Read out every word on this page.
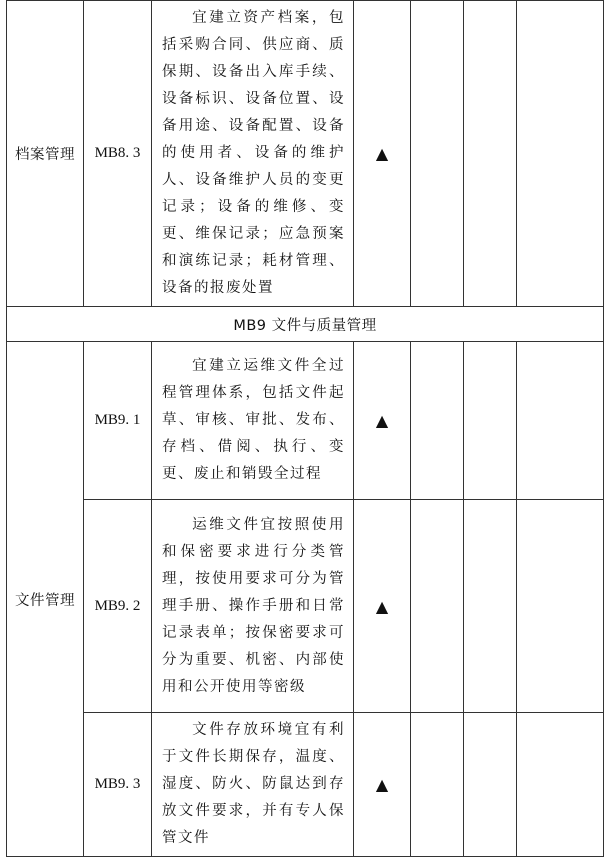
档案管理	MB8. 3	宜建立资产档案，包括采购合同、供应商、质保期、设备出入库手续、设备标识、设备位置、设备用途、设备配置、设备的使用者、设备的维护人、设备维护人员的变更记录；设备的维修、变更、维保记录；应急预案和演练记录；耗材管理、设备的报废处置	▲			
MB9 文件与质量管理						
文件管理	MB9. 1	宜建立运维文件全过程管理体系，包括文件起草、审核、审批、发布、存档、借阅、执行、变更、废止和销毁全过程	▲			
	MB9. 2	运维文件宜按照使用和保密要求进行分类管理，按使用要求可分为管理手册、操作手册和日常记录表单；按保密要求可分为重要、机密、内部使用和公开使用等密级	▲			
	MB9. 3	文件存放环境宜有利于文件长期保存，温度、湿度、防火、防鼠达到存放文件要求，并有专人保管文件	▲			
